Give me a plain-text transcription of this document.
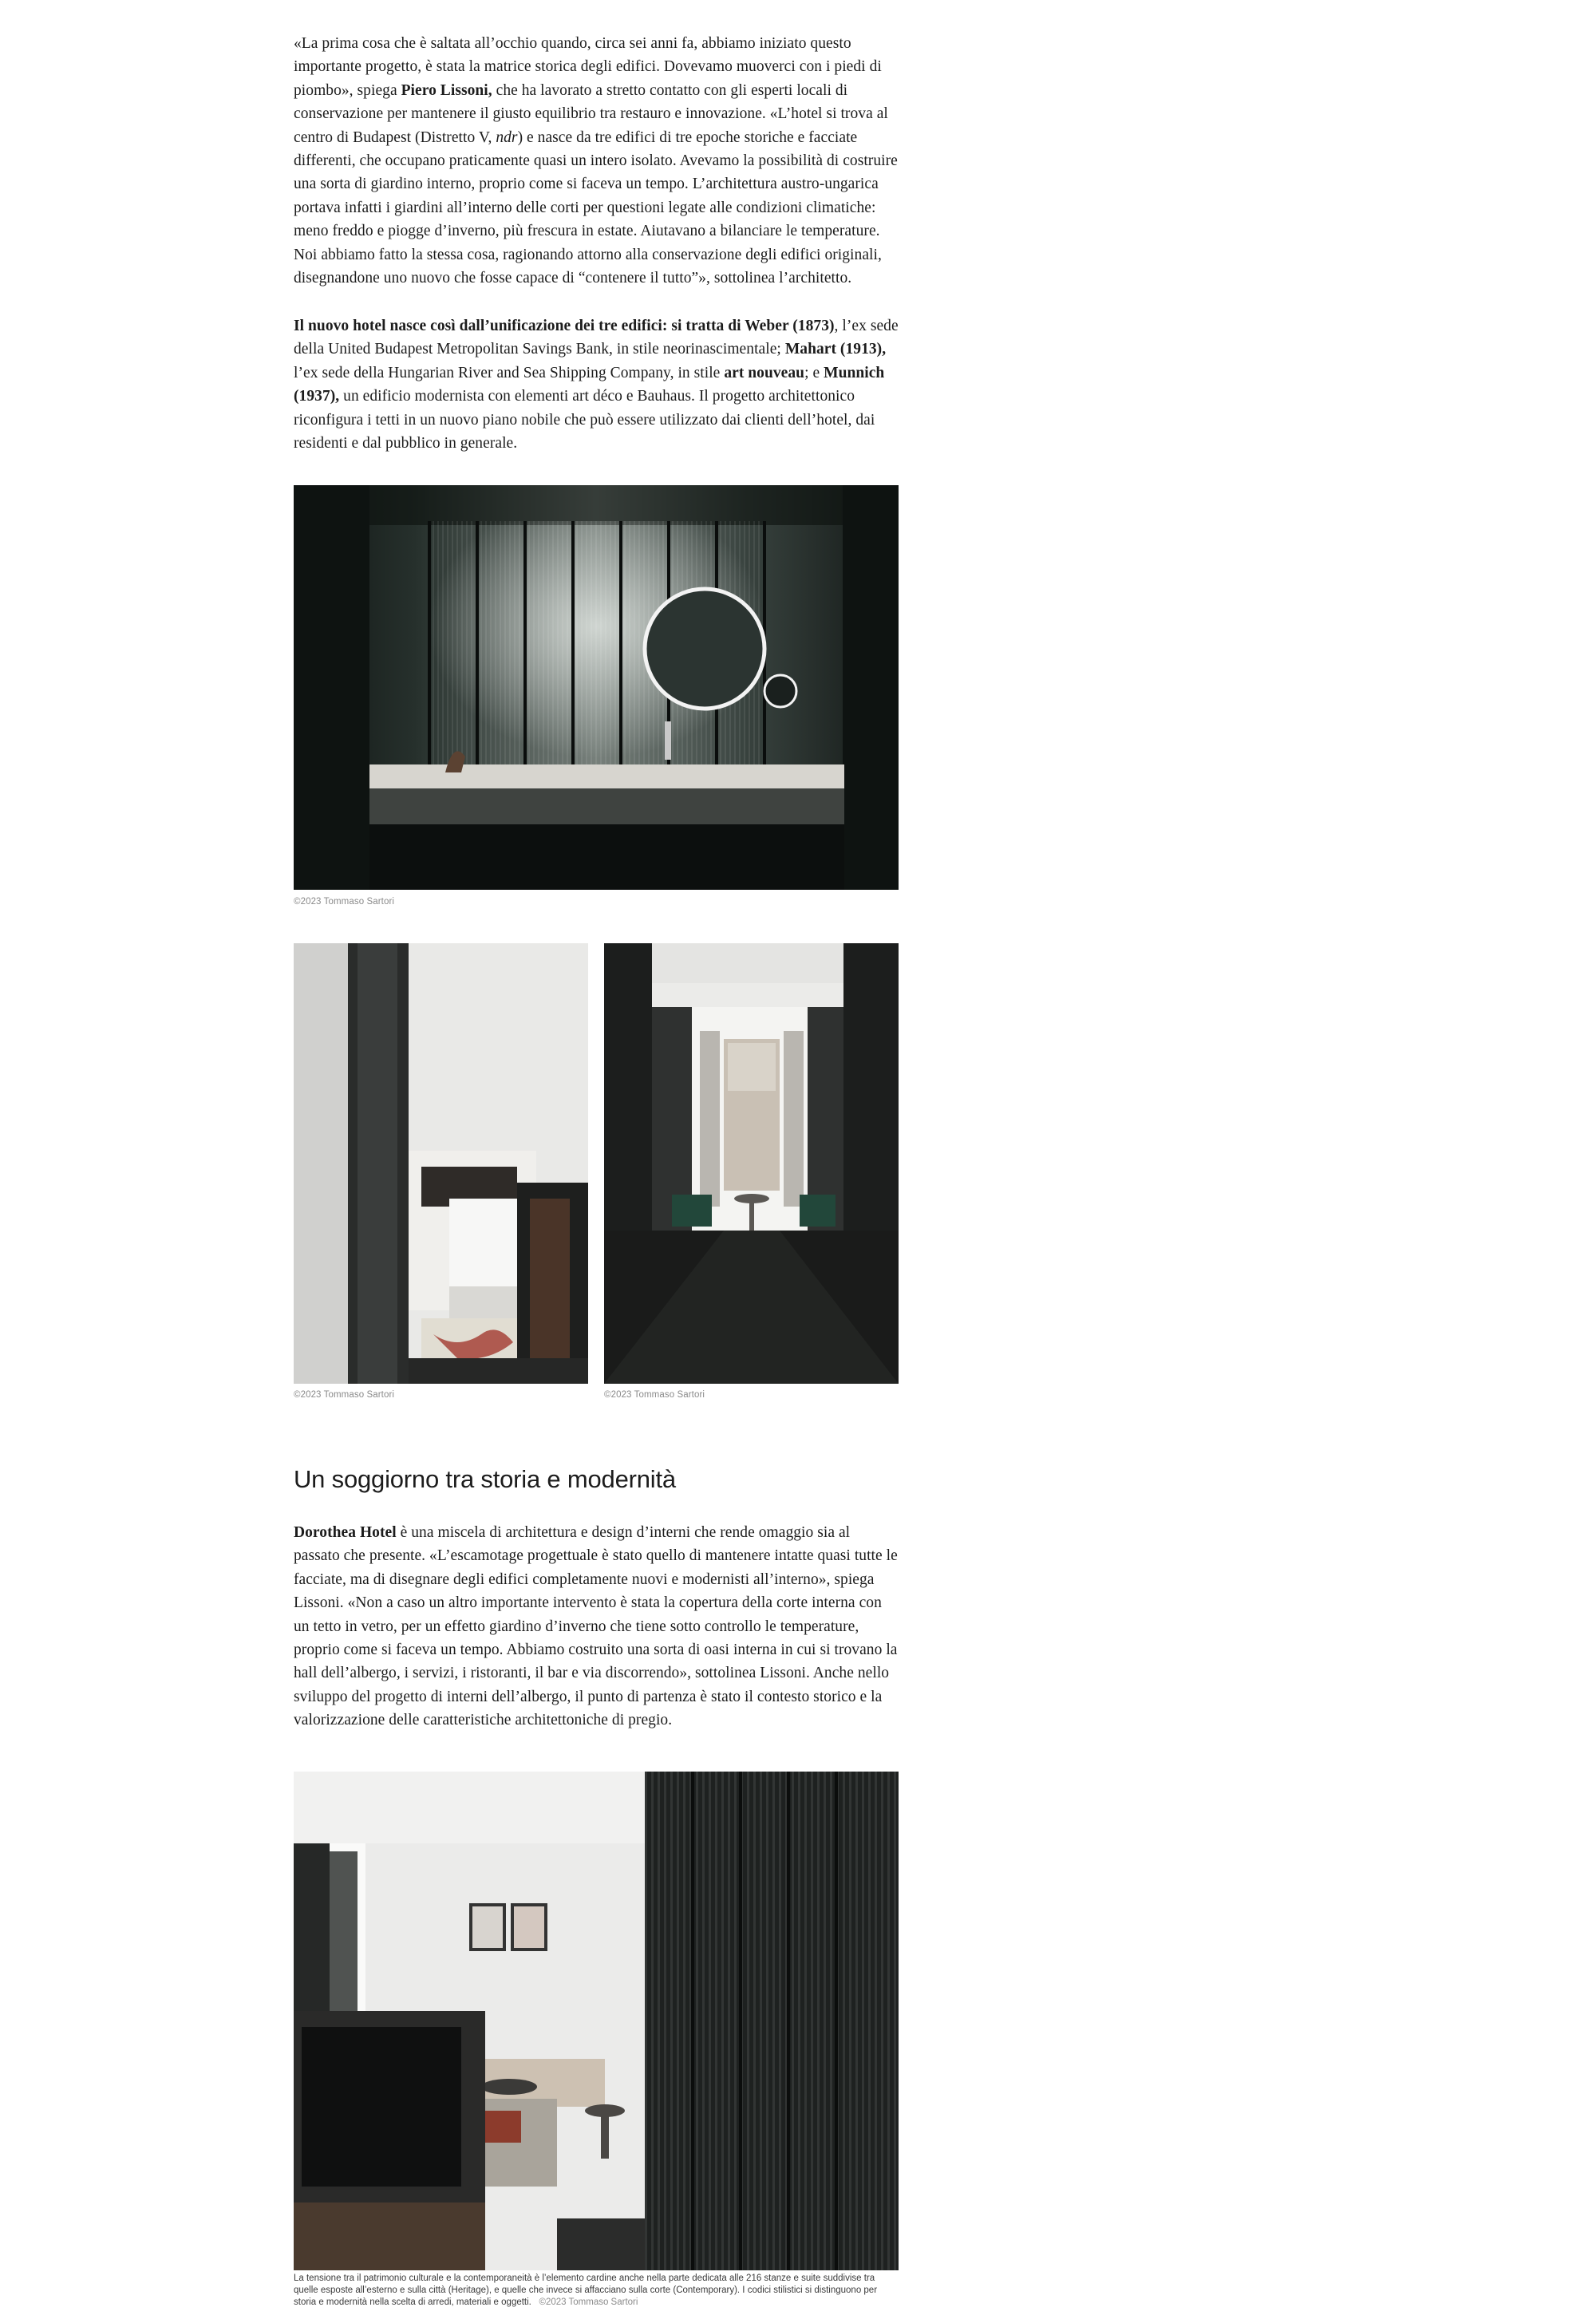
«La prima cosa che è saltata all’occhio quando, circa sei anni fa, abbiamo iniziato questo importante progetto, è stata la matrice storica degli edifici. Dovevamo muoverci con i piedi di piombo», spiega Piero Lissoni, che ha lavorato a stretto contatto con gli esperti locali di conservazione per mantenere il giusto equilibrio tra restauro e innovazione. «L’hotel si trova al centro di Budapest (Distretto V, ndr) e nasce da tre edifici di tre epoche storiche e facciate differenti, che occupano praticamente quasi un intero isolato. Avevamo la possibilità di costruire una sorta di giardino interno, proprio come si faceva un tempo. L’architettura austro-ungarica portava infatti i giardini all’interno delle corti per questioni legate alle condizioni climatiche: meno freddo e piogge d’inverno, più frescura in estate. Aiutavano a bilanciare le temperature. Noi abbiamo fatto la stessa cosa, ragionando attorno alla conservazione degli edifici originali, disegnandone uno nuovo che fosse capace di “contenere il tutto”», sottolinea l’architetto.

Il nuovo hotel nasce così dall’unificazione dei tre edifici: si tratta di Weber (1873), l’ex sede della United Budapest Metropolitan Savings Bank, in stile neorinascimentale; Mahart (1913), l’ex sede della Hungarian River and Sea Shipping Company, in stile art nouveau; e Munnich (1937), un edificio modernista con elementi art déco e Bauhaus. Il progetto architettonico riconfigura i tetti in un nuovo piano nobile che può essere utilizzato dai clienti dell’hotel, dai residenti e dal pubblico in generale.

©2023 Tommaso Sartori
©2023 Tommaso Sartori	©2023 Tommaso Sartori
Un soggiorno tra storia e modernità

Dorothea Hotel è una miscela di architettura e design d’interni che rende omaggio sia al passato che presente. «L’escamotage progettuale è stato quello di mantenere intatte quasi tutte le facciate, ma di disegnare degli edifici completamente nuovi e modernisti all’interno», spiega Lissoni. «Non a caso un altro importante intervento è stata la copertura della corte interna con un tetto in vetro, per un effetto giardino d’inverno che tiene sotto controllo le temperature, proprio come si faceva un tempo. Abbiamo costruito una sorta di oasi interna in cui si trovano la hall dell’albergo, i servizi, i ristoranti, il bar e via discorrendo», sottolinea Lissoni. Anche nello sviluppo del progetto di interni dell’albergo, il punto di partenza è stato il contesto storico e la valorizzazione delle caratteristiche architettoniche di pregio.

La tensione tra il patrimonio culturale e la contemporaneità è l’elemento cardine anche nella parte dedicata alle 216 stanze e suite suddivise tra quelle esposte all’esterno e sulla città (Heritage), e quelle che invece si affacciano sulla corte (Contemporary). I codici stilistici si distinguono per storia e modernità nella scelta di arredi, materiali e oggetti. ©2023 Tommaso Sartori
